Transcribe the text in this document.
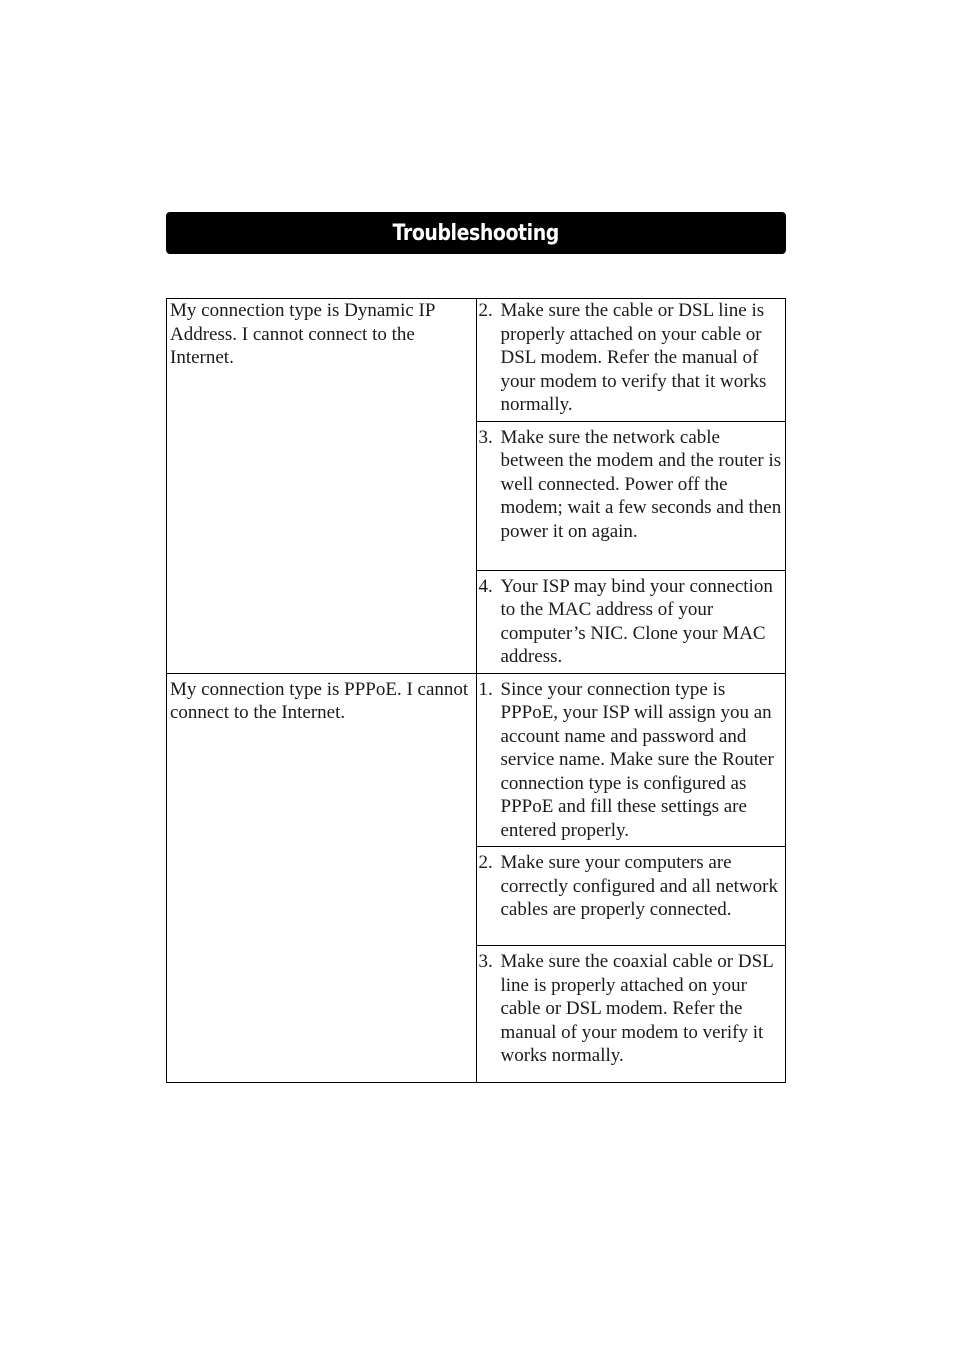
Troubleshooting
My connection type is Dynamic IP Address. I cannot connect to the Internet.	2. Make sure the cable or DSL line is properly attached on your cable or DSL modem. Refer the manual of your modem to verify that it works normally.

	3. Make sure the network cable between the modem and the router is well connected. Power off the modem; wait a few seconds and then power it on again.

	4. Your ISP may bind your connection to the MAC address of your computer’s NIC. Clone your MAC address.

My connection type is PPPoE. I cannot connect to the Internet.	1. Since your connection type is PPPoE, your ISP will assign you an account name and password and service name. Make sure the Router connection type is configured as PPPoE and fill these settings are entered properly.

	2. Make sure your computers are correctly configured and all network cables are properly connected.

	3. Make sure the coaxial cable or DSL line is properly attached on your cable or DSL modem. Refer the manual of your modem to verify it works normally.
